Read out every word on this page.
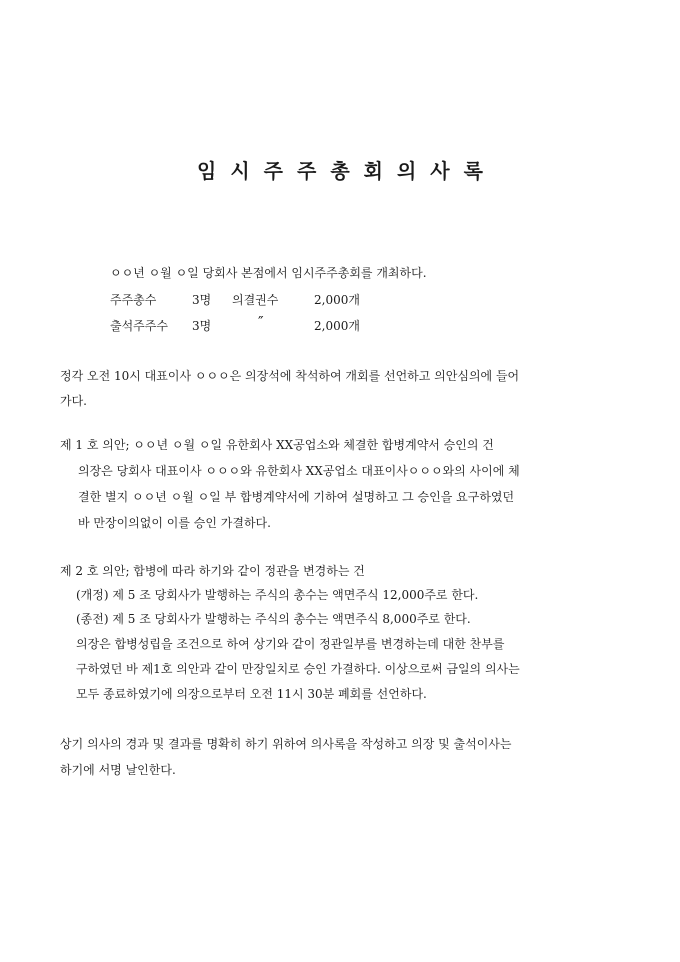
임시주주총회의사록
ㅇㅇ년 ㅇ월 ㅇ일 당회사 본점에서 임시주주총회를 개최하다.
주주총수	3명 의결권수	2,000개
출석주주수 3명	″	2,000개
정각 오전 10시 대표이사 ㅇㅇㅇ은 의장석에 착석하여 개회를 선언하고 의안심의에 들어
가다.
제 1 호 의안; ㅇㅇ년 ㅇ월 ㅇ일 유한회사 XX공업소와 체결한 합병계약서 승인의 건
의장은 당회사 대표이사 ㅇㅇㅇ와 유한회사 XX공업소 대표이사ㅇㅇㅇ와의 사이에 체
결한 별지 ㅇㅇ년 ㅇ월 ㅇ일 부 합병계약서에 기하여 설명하고 그 승인을 요구하였던
바 만장이의없이 이를 승인 가결하다.
제 2 호 의안; 합병에 따라 하기와 같이 정관을 변경하는 건
(개정) 제 5 조 당회사가 발행하는 주식의 총수는 액면주식 12,000주로 한다.
(종전) 제 5 조 당회사가 발행하는 주식의 총수는 액면주식 8,000주로 한다.
의장은 합병성립을 조건으로 하여 상기와 같이 정관일부를 변경하는데 대한 찬부를
구하였던 바 제1호 의안과 같이 만장일치로 승인 가결하다. 이상으로써 금일의 의사는
모두 종료하였기에 의장으로부터 오전 11시 30분 폐회를 선언하다.
상기 의사의 경과 및 결과를 명확히 하기 위하여 의사록을 작성하고 의장 및 출석이사는
하기에 서명 날인한다.
